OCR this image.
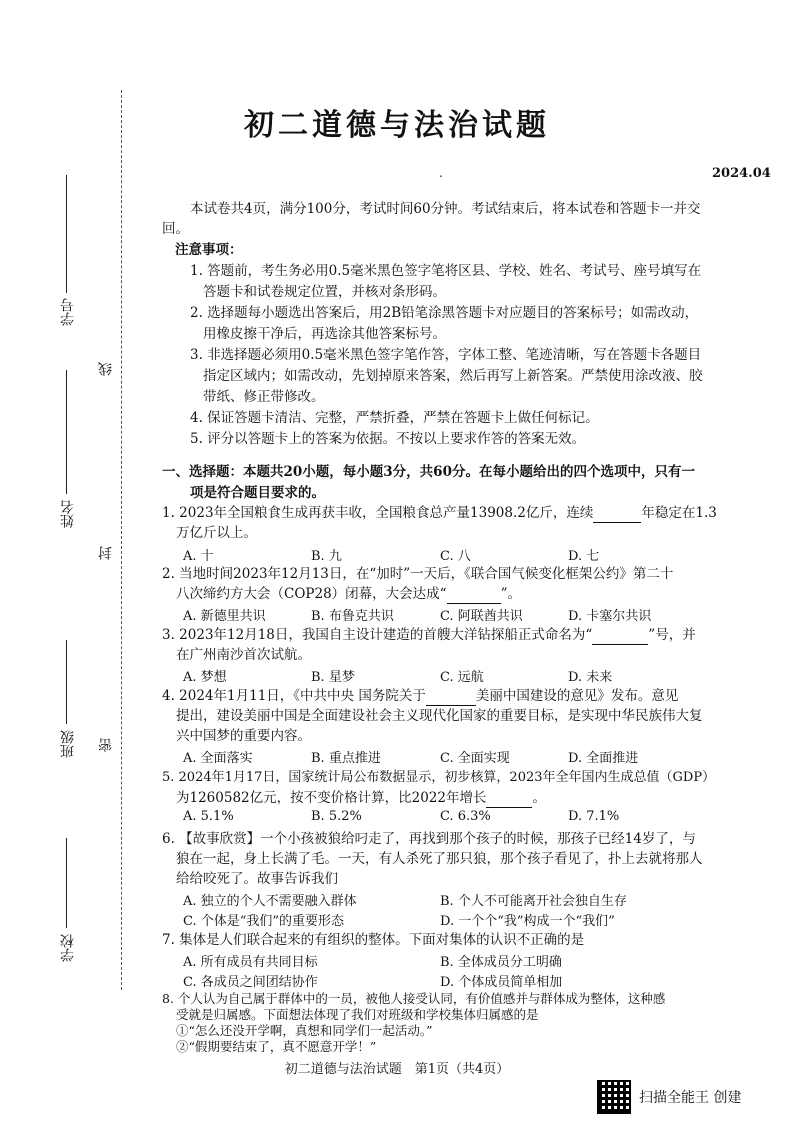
学校
班级
姓名
学号
密
封
线
初二道德与法治试题
.	2024.04
本试卷共4页，满分100分，考试时间60分钟。考试结束后，将本试卷和答题卡一并交
回。
注意事项：
1. 答题前，考生务必用0.5毫米黑色签字笔将区县、学校、姓名、考试号、座号填写在
答题卡和试卷规定位置，并核对条形码。
2. 选择题每小题选出答案后，用2B铅笔涂黑答题卡对应题目的答案标号；如需改动，
用橡皮擦干净后，再选涂其他答案标号。
3. 非选择题必须用0.5毫米黑色签字笔作答，字体工整、笔迹清晰，写在答题卡各题目
指定区域内；如需改动，先划掉原来答案，然后再写上新答案。严禁使用涂改液、胶
带纸、修正带修改。
4. 保证答题卡清洁、完整，严禁折叠，严禁在答题卡上做任何标记。
5. 评分以答题卡上的答案为依据。不按以上要求作答的答案无效。
一、选择题：本题共20小题，每小题3分，共60分。在每小题给出的四个选项中，只有一
项是符合题目要求的。
1. 2023年全国粮食生成再获丰收，全国粮食总产量13908.2亿斤，连续	年稳定在1.3
万亿斤以上。
A. 十	B. 九	C. 八	D. 七
2. 当地时间2023年12月13日，在“加时”一天后，《联合国气候变化框架公约》第二十
八次缔约方大会（COP28）闭幕，大会达成“	”。
A. 新德里共识	B. 布鲁克共识	C. 阿联酋共识	D. 卡塞尔共识
3. 2023年12月18日，我国自主设计建造的首艘大洋钻探船正式命名为“	”号，并
在广州南沙首次试航。
A. 梦想	B. 星梦	C. 远航	D. 未来
4. 2024年1月11日，《中共中央 国务院关于	美丽中国建设的意见》发布。意见
提出，建设美丽中国是全面建设社会主义现代化国家的重要目标，是实现中华民族伟大复
兴中国梦的重要内容。
A. 全面落实	B. 重点推进	C. 全面实现	D. 全面推进
5. 2024年1月17日，国家统计局公布数据显示，初步核算，2023年全年国内生成总值（GDP）
为1260582亿元，按不变价格计算，比2022年增长	。
A. 5.1%	B. 5.2%	C. 6.3%	D. 7.1%
6. 【故事欣赏】一个小孩被狼给叼走了，再找到那个孩子的时候，那孩子已经14岁了，与
狼在一起，身上长满了毛。一天，有人杀死了那只狼，那个孩子看见了，扑上去就将那人
给给咬死了。故事告诉我们
A. 独立的个人不需要融入群体	B. 个人不可能离开社会独自生存
C. 个体是“我们”的重要形态	D. 一个个“我”构成一个“我们”
7. 集体是人们联合起来的有组织的整体。下面对集体的认识不正确的是
A. 所有成员有共同目标	B. 全体成员分工明确
C. 各成员之间团结协作	D. 个体成员简单相加
8. 个人认为自己属于群体中的一员，被他人接受认同，有价值感并与群体成为整体，这种感
受就是归属感。下面想法体现了我们对班级和学校集体归属感的是
①“怎么还没开学啊，真想和同学们一起活动。”
②“假期要结束了，真不愿意开学！”
初二道德与法治试题　第1页（共4页）
扫描全能王 创建
